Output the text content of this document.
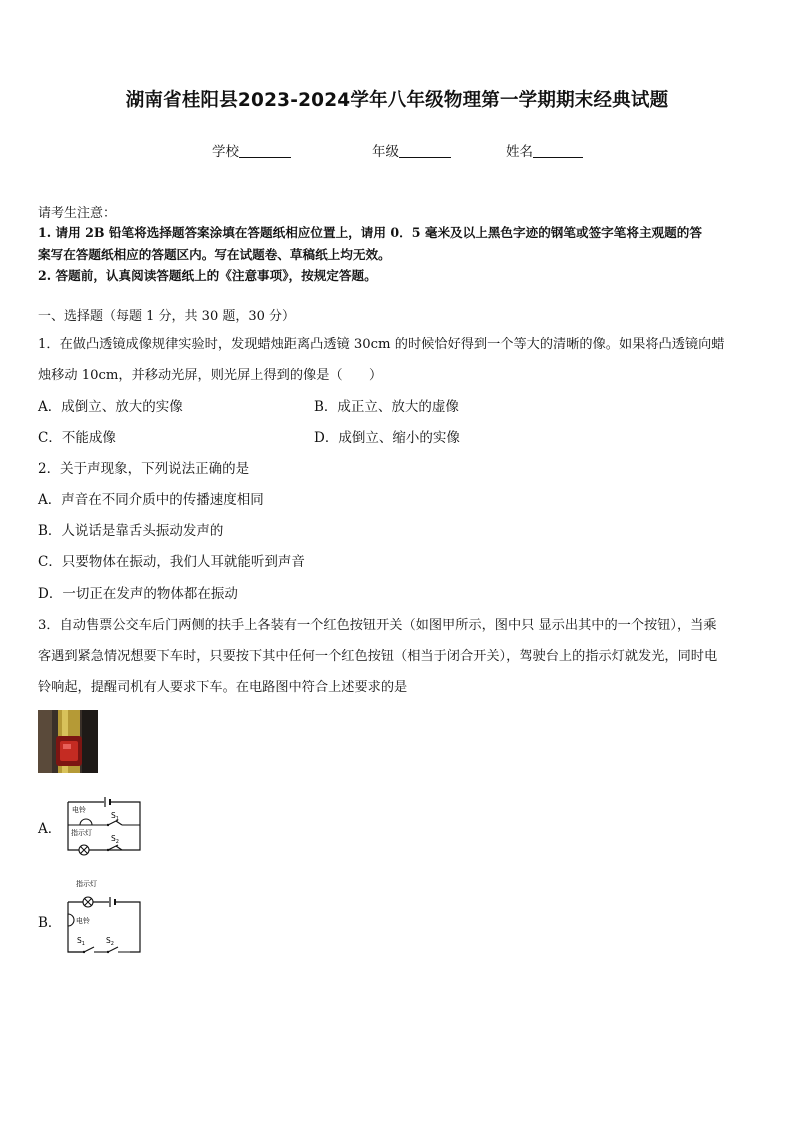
湖南省桂阳县2023-2024学年八年级物理第一学期期末经典试题
学校	年级	姓名
请考生注意：
1. 请用 2B 铅笔将选择题答案涂填在答题纸相应位置上，请用 0．5 毫米及以上黑色字迹的钢笔或签字笔将主观题的答
案写在答题纸相应的答题区内。写在试题卷、草稿纸上均无效。
2. 答题前，认真阅读答题纸上的《注意事项》，按规定答题。
一、选择题（每题 1 分，共 30 题，30 分）
1．在做凸透镜成像规律实验时，发现蜡烛距离凸透镜 30cm 的时候恰好得到一个等大的清晰的像。如果将凸透镜向蜡
烛移动 10cm，并移动光屏，则光屏上得到的像是（　　）
A．成倒立、放大的实像	B．成正立、放大的虚像
C．不能成像	D．成倒立、缩小的实像
2．关于声现象，下列说法正确的是
A．声音在不同介质中的传播速度相同
B．人说话是靠舌头振动发声的
C．只要物体在振动，我们人耳就能听到声音
D．一切正在发声的物体都在振动
3．自动售票公交车后门两侧的扶手上各装有一个红色按钮开关（如图甲所示，图中只 显示出其中的一个按钮），当乘
客遇到紧急情况想要下车时，只要按下其中任何一个红色按钮（相当于闭合开关），驾驶台上的指示灯就发光，同时电
铃响起，提醒司机有人要求下车。在电路图中符合上述要求的是
A．
电铃
$S_1$
指示灯
$S_2$
B．
指示灯
电铃
$S_1$	$S_2$
